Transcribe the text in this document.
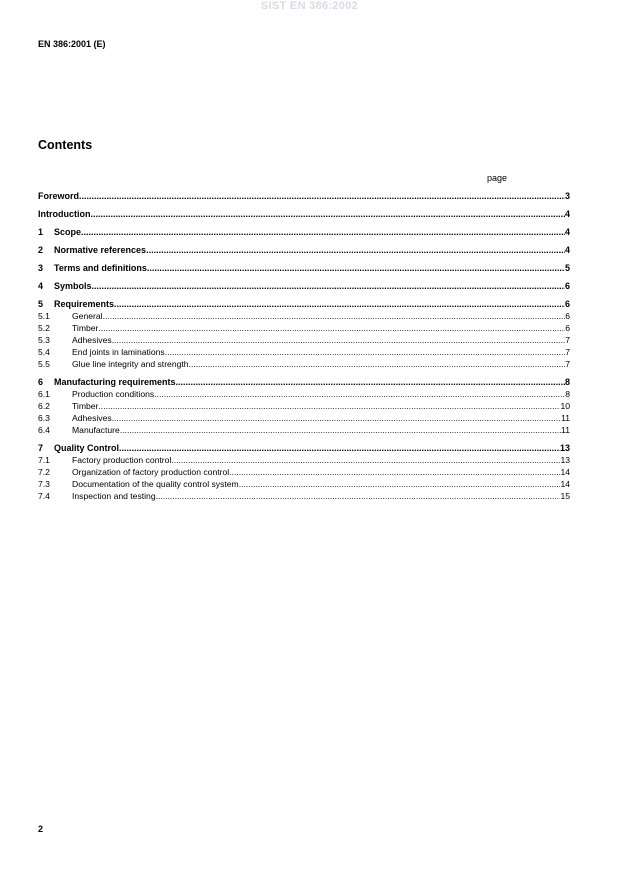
SIST EN 386:2002
EN 386:2001 (E)
Contents
page
Foreword .....	3
Introduction .....	4
1	Scope .....	4
2	Normative references .....	4
3	Terms and definitions .....	5
4	Symbols .....	6
5	Requirements .....	6
5.1	General .....	6
5.2	Timber .....	6
5.3	Adhesives .....	7
5.4	End joints in laminations .....	7
5.5	Glue line integrity and strength .....	7
6	Manufacturing requirements .....	8
6.1	Production conditions .....	8
6.2	Timber .....	10
6.3	Adhesives .....	11
6.4	Manufacture .....	11
7	Quality Control .....	13
7.1	Factory production control .....	13
7.2	Organization of factory production control .....	14
7.3	Documentation of the quality control system .....	14
7.4	Inspection and testing .....	15
2
